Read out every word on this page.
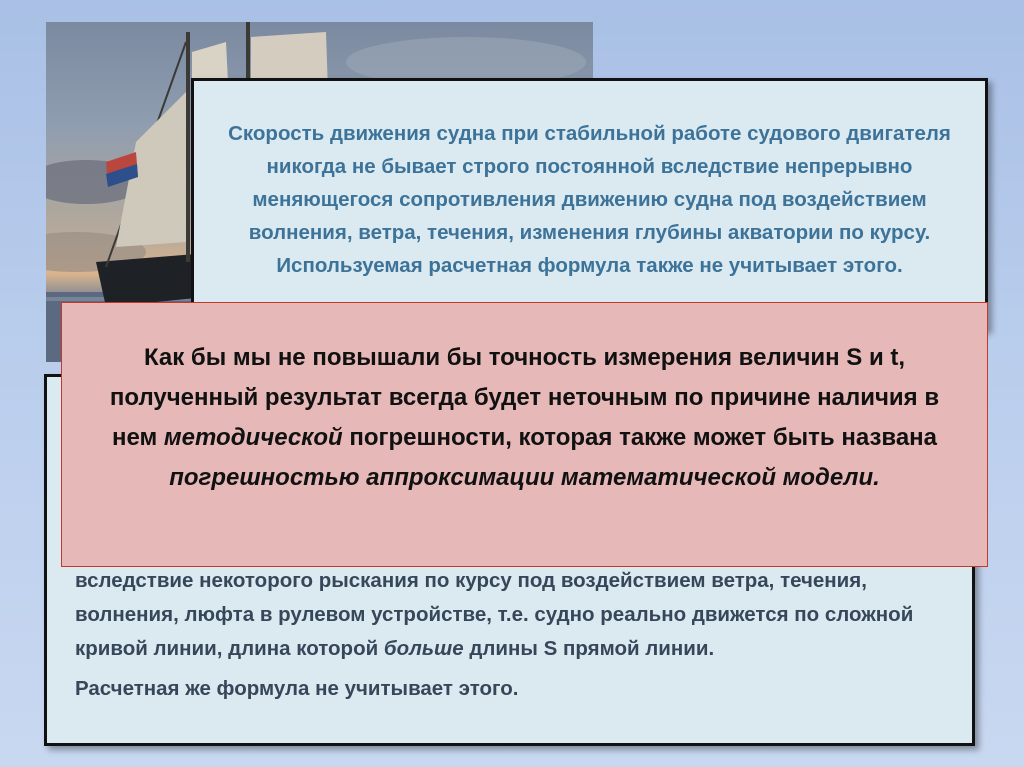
Скорость движения судна при стабильной работе судового двигателя никогда не бывает строго постоянной вследствие непрерывно меняющегося сопротивления движению судна под воздействием волнения, ветра, течения, изменения глубины акватории по курсу. Используемая расчетная формула также не учитывает этого.

вследствие некоторого рыскания по курсу под воздействием ветра, течения, волнения, люфта в рулевом устройстве, т.е. судно реально движется по сложной кривой линии, длина которой больше длины S прямой линии.

Расчетная же формула не учитывает этого.

Как бы мы не повышали бы точность измерения величин S и t, полученный результат всегда будет неточным по причине наличия в нем методической погрешности, которая также может быть названа погрешностью аппроксимации математической модели.
